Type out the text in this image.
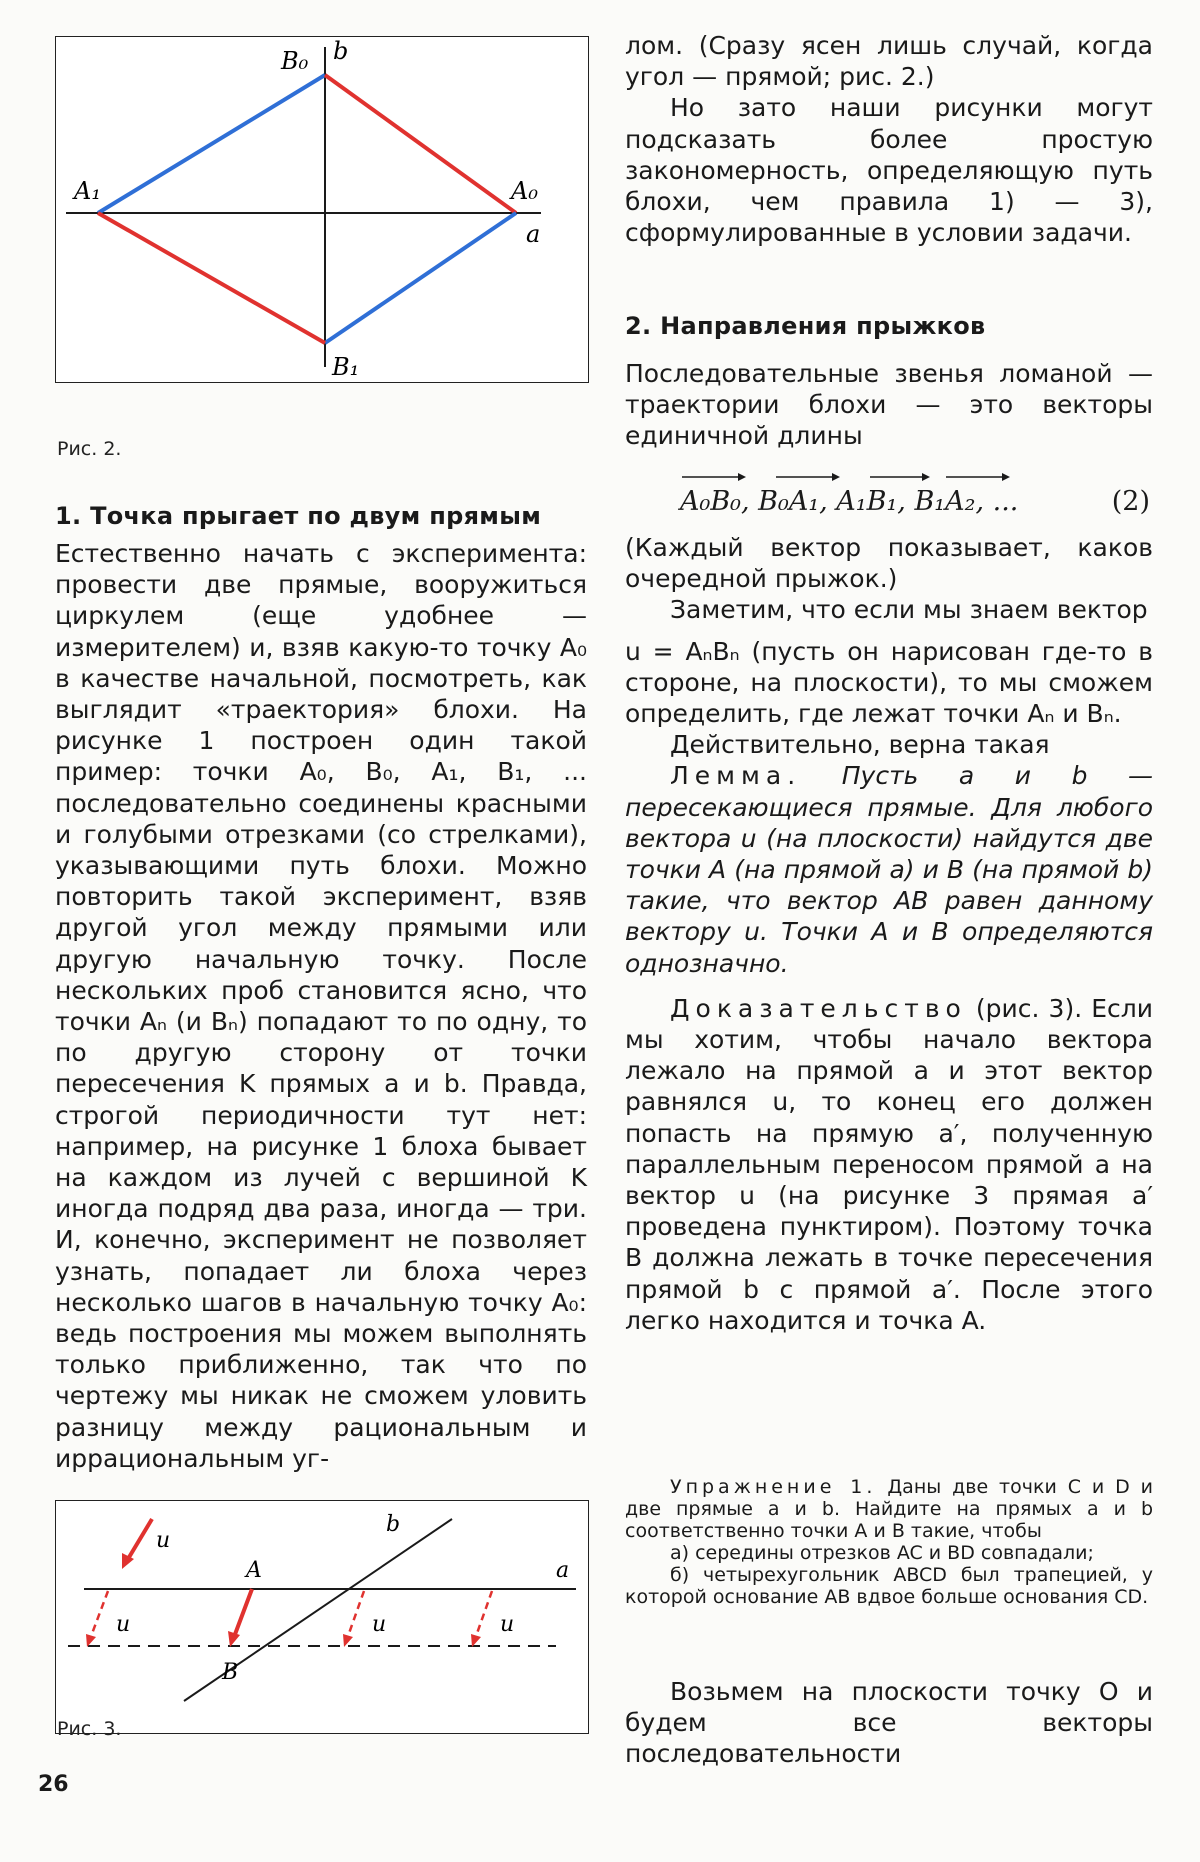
B₀ b
A₁	A₀
a
B₁
Рис. 2.
1. Точка прыгает по двум прямым

Естественно начать с эксперимента: провести две прямые, вооружиться циркулем (еще удобнее — измерителем) и, взяв какую-то точку A₀ в качестве начальной, посмотреть, как выглядит «траектория» блохи. На рисунке 1 построен один такой пример: точки A₀, B₀, A₁, B₁, ... последовательно соединены красными и голубыми отрезками (со стрелками), указывающими путь блохи. Можно повторить такой эксперимент, взяв другой угол между прямыми или другую начальную точку. После нескольких проб становится ясно, что точки Aₙ (и Bₙ) попадают то по одну, то по другую сторону от точки пересечения K прямых a и b. Правда, строгой периодичности тут нет: например, на рисунке 1 блоха бывает на каждом из лучей с вершиной K иногда подряд два раза, иногда — три. И, конечно, эксперимент не позволяет узнать, попадает ли блоха через несколько шагов в начальную точку A₀: ведь построения мы можем выполнять только приближенно, так что по чертежу мы никак не сможем уловить разницу между рациональным и иррациональным уг-

u
b
A	a
u	u	u
B
Рис. 3.

лом. (Сразу ясен лишь случай, когда угол — прямой; рис. 2.)

Но зато наши рисунки могут подсказать более простую закономерность, определяющую путь блохи, чем правила 1) — 3), сформулированные в условии задачи.

2. Направления прыжков

Последовательные звенья ломаной — траектории блохи — это векторы единичной длины

A₀B₀, B₀A₁, A₁B₁, B₁A₂, ...	(2)

(Каждый вектор показывает, каков очередной прыжок.)

Заметим, что если мы знаем вектор

u = AₙBₙ (пусть он нарисован где-то в стороне, на плоскости), то мы сможем определить, где лежат точки Aₙ и Bₙ.

Действительно, верна такая

Лемма. Пусть a и b — пересекающиеся прямые. Для любого вектора u (на плоскости) найдутся две точки A (на прямой a) и B (на прямой b) такие, что вектор AB равен данному вектору u. Точки A и B определяются однозначно.

Доказательство (рис. 3). Если мы хотим, чтобы начало вектора лежало на прямой a и этот вектор равнялся u, то конец его должен попасть на прямую a′, полученную параллельным переносом прямой a на вектор u (на рисунке 3 прямая a′ проведена пунктиром). Поэтому точка B должна лежать в точке пересечения прямой b с прямой a′. После этого легко находится и точка A.

Упражнение 1. Даны две точки C и D и две прямые a и b. Найдите на прямых a и b соответственно точки A и B такие, чтобы

а) середины отрезков AC и BD совпадали;

б) четырехугольник ABCD был трапецией, у которой основание AB вдвое больше основания CD.

Возьмем на плоскости точку O и будем все векторы последовательности

26
